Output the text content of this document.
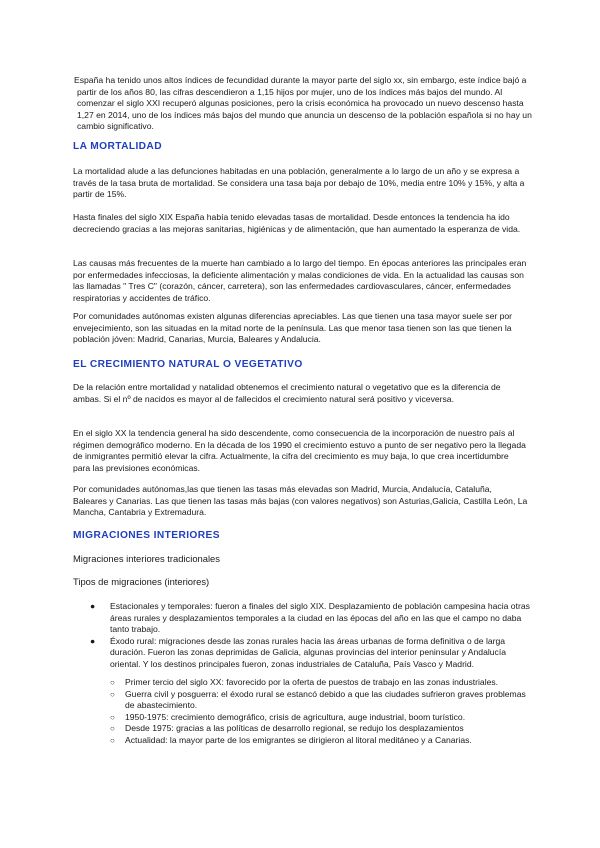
España ha tenido unos altos índices de fecundidad durante la mayor parte del siglo xx, sin embargo, este índice bajó a partir de los años 80, las cifras descendieron a 1,15 hijos por mujer, uno de los índices más bajos del mundo. Al comenzar el siglo XXI recuperó algunas posiciones, pero la crisis económica ha provocado un nuevo descenso hasta 1,27 en 2014, uno de los índices más bajos del mundo que anuncia un descenso de la población española si no hay un cambio significativo.

LA MORTALIDAD

La mortalidad alude a las defunciones habitadas en una población, generalmente a lo largo de un año y se expresa a través de la tasa bruta de mortalidad. Se considera una tasa baja por debajo de 10%, media entre 10% y 15%, y alta a partir de 15%.

Hasta finales del siglo XIX España había tenido elevadas tasas de mortalidad. Desde entonces la tendencia ha ido decreciendo gracias a las mejoras sanitarias, higiénicas y de alimentación, que han aumentado la esperanza de vida.

Las causas más frecuentes de la muerte han cambiado a lo largo del tiempo. En épocas anteriores las principales eran por enfermedades infecciosas, la deficiente alimentación y malas condiciones de vida. En la actualidad las causas son las llamadas " Tres C" (corazón, cáncer, carretera), son las enfermedades cardiovasculares, cáncer, enfermedades respiratorias y accidentes de tráfico.

Por comunidades autónomas existen algunas diferencias apreciables. Las que tienen una tasa mayor suele ser por envejecimiento, son las situadas en la mitad norte de la península. Las que menor tasa tienen son las que tienen la población jóven: Madrid, Canarias, Murcia, Baleares y Andalucia.

EL CRECIMIENTO NATURAL O VEGETATIVO

De la relación entre mortalidad y natalidad obtenemos el crecimiento natural o vegetativo que es la diferencia de ambas. Si el nº de nacidos es mayor al de fallecidos el crecimiento natural será positivo y viceversa.

En el siglo XX la tendencia general ha sido descendente, como consecuencia de la incorporación de nuestro país al régimen demográfico moderno. En la década de los 1990 el crecimiento estuvo a punto de ser negativo pero la llegada de inmigrantes permitió elevar la cifra. Actualmente, la cifra del crecimiento es muy baja, lo que crea incertidumbre para las previsiones económicas.

Por comunidades autónomas,las que tienen las tasas más elevadas son Madrid, Murcia, Andalucía, Cataluña, Baleares y Canarias. Las que tienen las tasas más bajas (con valores negativos) son Asturias,Galicia, Castilla León, La Mancha, Cantabria y Extremadura.

MIGRACIONES INTERIORES

Migraciones interiores tradicionales

Tipos de migraciones (interiores)

● Estacionales y temporales: fueron a finales del siglo XIX. Desplazamiento de población campesina hacia otras áreas rurales y desplazamientos temporales a la ciudad en las épocas del año en las que el campo no daba tanto trabajo.
● Éxodo rural: migraciones desde las zonas rurales hacia las áreas urbanas de forma definitiva o de larga duración. Fueron las zonas deprimidas de Galicia, algunas provincias del interior peninsular y Andalucía oriental. Y los destinos principales fueron, zonas industriales de Cataluña, País Vasco y Madrid.
○ Primer tercio del siglo XX: favorecido por la oferta de puestos de trabajo en las zonas industriales.
○ Guerra civil y posguerra: el éxodo rural se estancó debido a que las ciudades sufrieron graves problemas de abastecimiento.
○ 1950-1975: crecimiento demográfico, crisis de agricultura, auge industrial, boom turístico.
○ Desde 1975: gracias a las políticas de desarrollo regional, se redujo los desplazamientos
○ Actualidad: la mayor parte de los emigrantes se dirigieron al litoral meditáneo y a Canarias.
